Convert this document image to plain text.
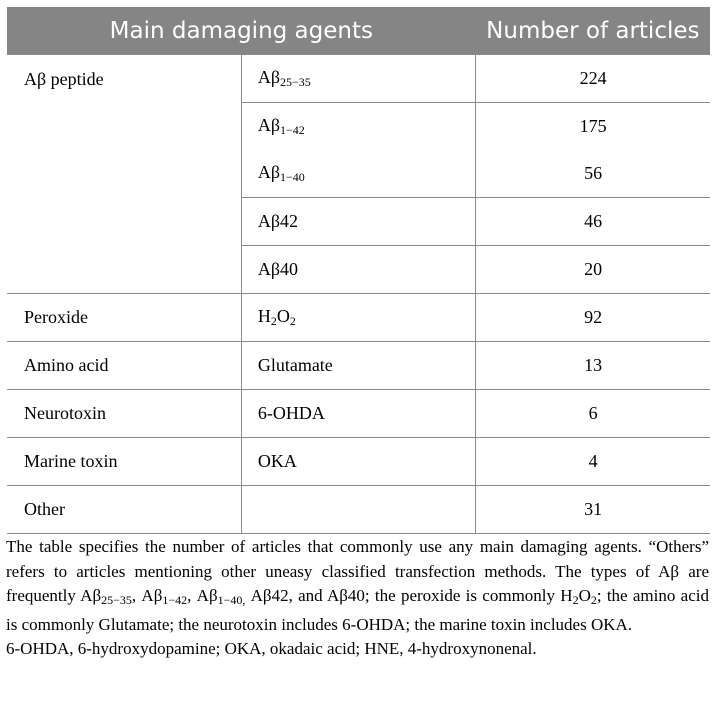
Main damaging agents		Number of articles
Aβ peptide	$A\beta_{25-35}$	224
	$A\beta_{1-42}$	175
	$A\beta_{1-40}$	56
	Aβ42	46
	Aβ40	20
Peroxide	$H_2O_2$	92
Amino acid	Glutamate	13
Neurotoxin	6-OHDA	6
Marine toxin	OKA	4
Other		31

The table specifies the number of articles that commonly use any main damaging agents. “Others” refers to articles mentioning other uneasy classified transfection methods. The types of Aβ are frequently $A\beta_{25-35}$, $A\beta_{1-42}$, $A\beta_{1-40,}$ Aβ42, and Aβ40; the peroxide is commonly $H_2O_2$; the amino acid is commonly Glutamate; the neurotoxin includes 6-OHDA; the marine toxin includes OKA.

6-OHDA, 6-hydroxydopamine; OKA, okadaic acid; HNE, 4-hydroxynonenal.
